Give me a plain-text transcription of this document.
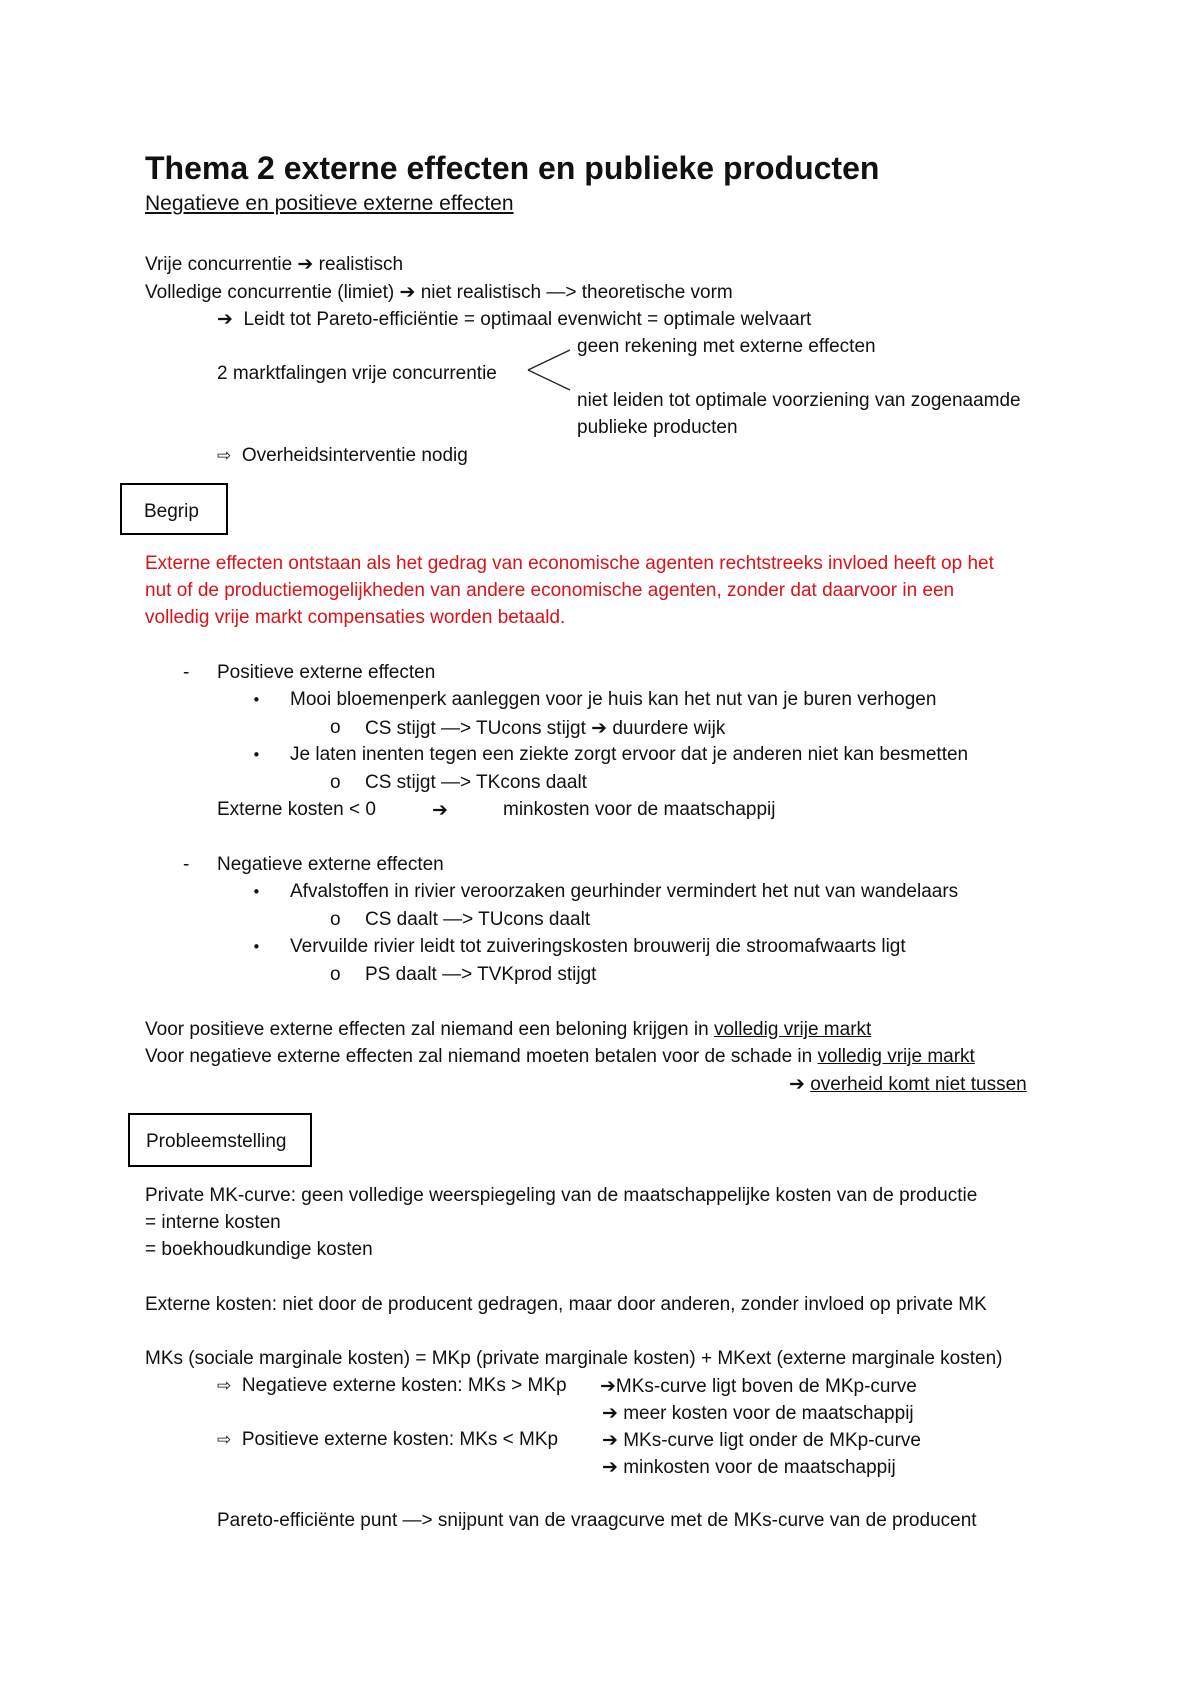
Thema 2 externe effecten en publieke producten
Negatieve en positieve externe effecten
Vrije concurrentie ➔ realistisch
Volledige concurrentie (limiet) ➔ niet realistisch —> theoretische vorm
➔ Leidt tot Pareto-efficiëntie = optimaal evenwicht = optimale welvaart
geen rekening met externe effecten
2 marktfalingen vrije concurrentie
niet leiden tot optimale voorziening van zogenaamde
publieke producten
⇨ Overheidsinterventie nodig
Begrip
Externe effecten ontstaan als het gedrag van economische agenten rechtstreeks invloed heeft op het
nut of de productiemogelijkheden van andere economische agenten, zonder dat daarvoor in een
volledig vrije markt compensaties worden betaald.
- Positieve externe effecten
• Mooi bloemenperk aanleggen voor je huis kan het nut van je buren verhogen
o CS stijgt —> TUcons stijgt ➔ duurdere wijk
• Je laten inenten tegen een ziekte zorgt ervoor dat je anderen niet kan besmetten
o CS stijgt —> TKcons daalt
Externe kosten < 0	➔	minkosten voor de maatschappij
- Negatieve externe effecten
• Afvalstoffen in rivier veroorzaken geurhinder vermindert het nut van wandelaars
o CS daalt —> TUcons daalt
• Vervuilde rivier leidt tot zuiveringskosten brouwerij die stroomafwaarts ligt
o PS daalt —> TVKprod stijgt
Voor positieve externe effecten zal niemand een beloning krijgen in volledig vrije markt
Voor negatieve externe effecten zal niemand moeten betalen voor de schade in volledig vrije markt
➔ overheid komt niet tussen
Probleemstelling
Private MK-curve: geen volledige weerspiegeling van de maatschappelijke kosten van de productie
= interne kosten
= boekhoudkundige kosten
Externe kosten: niet door de producent gedragen, maar door anderen, zonder invloed op private MK
MKs (sociale marginale kosten) = MKp (private marginale kosten) + MKext (externe marginale kosten)
⇨ Negatieve externe kosten: MKs > MKp ➔MKs-curve ligt boven de MKp-curve
➔ meer kosten voor de maatschappij
⇨ Positieve externe kosten: MKs < MKp ➔ MKs-curve ligt onder de MKp-curve
➔ minkosten voor de maatschappij
Pareto-efficiënte punt —> snijpunt van de vraagcurve met de MKs-curve van de producent
